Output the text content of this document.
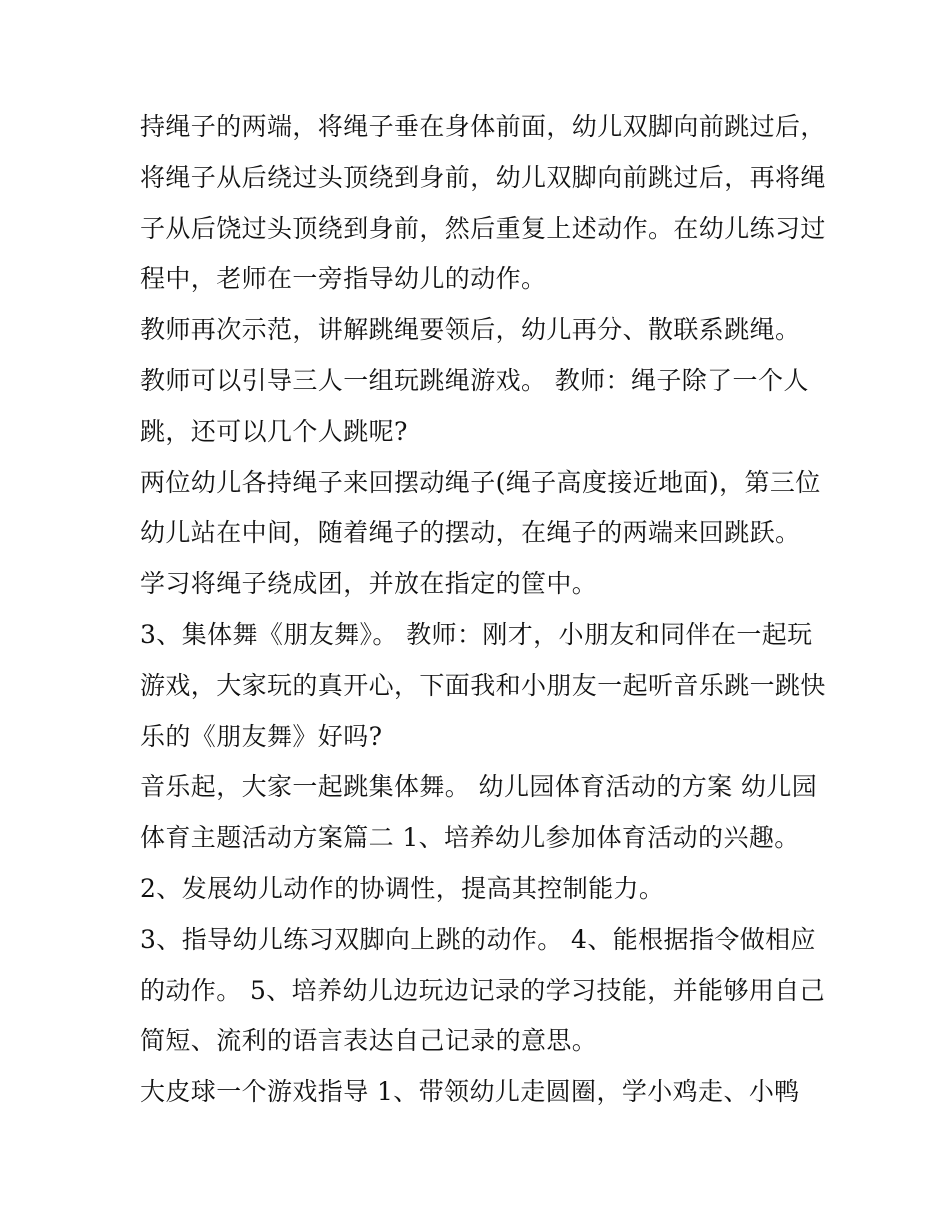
持绳子的两端，将绳子垂在身体前面，幼儿双脚向前跳过后，
将绳子从后绕过头顶绕到身前，幼儿双脚向前跳过后，再将绳
子从后饶过头顶绕到身前，然后重复上述动作。在幼儿练习过
程中，老师在一旁指导幼儿的动作。
教师再次示范，讲解跳绳要领后，幼儿再分、散联系跳绳。
教师可以引导三人一组玩跳绳游戏。 教师：绳子除了一个人
跳，还可以几个人跳呢?
两位幼儿各持绳子来回摆动绳子(绳子高度接近地面)，第三位
幼儿站在中间，随着绳子的摆动，在绳子的两端来回跳跃。
学习将绳子绕成团，并放在指定的筐中。
3、集体舞《朋友舞》。 教师：刚才，小朋友和同伴在一起玩
游戏，大家玩的真开心，下面我和小朋友一起听音乐跳一跳快
乐的《朋友舞》好吗?
音乐起，大家一起跳集体舞。 幼儿园体育活动的方案 幼儿园
体育主题活动方案篇二 1、培养幼儿参加体育活动的兴趣。
2、发展幼儿动作的协调性，提高其控制能力。
3、指导幼儿练习双脚向上跳的动作。 4、能根据指令做相应
的动作。 5、培养幼儿边玩边记录的学习技能，并能够用自己
简短、流利的语言表达自己记录的意思。
大皮球一个游戏指导 1、带领幼儿走圆圈，学小鸡走、小鸭
